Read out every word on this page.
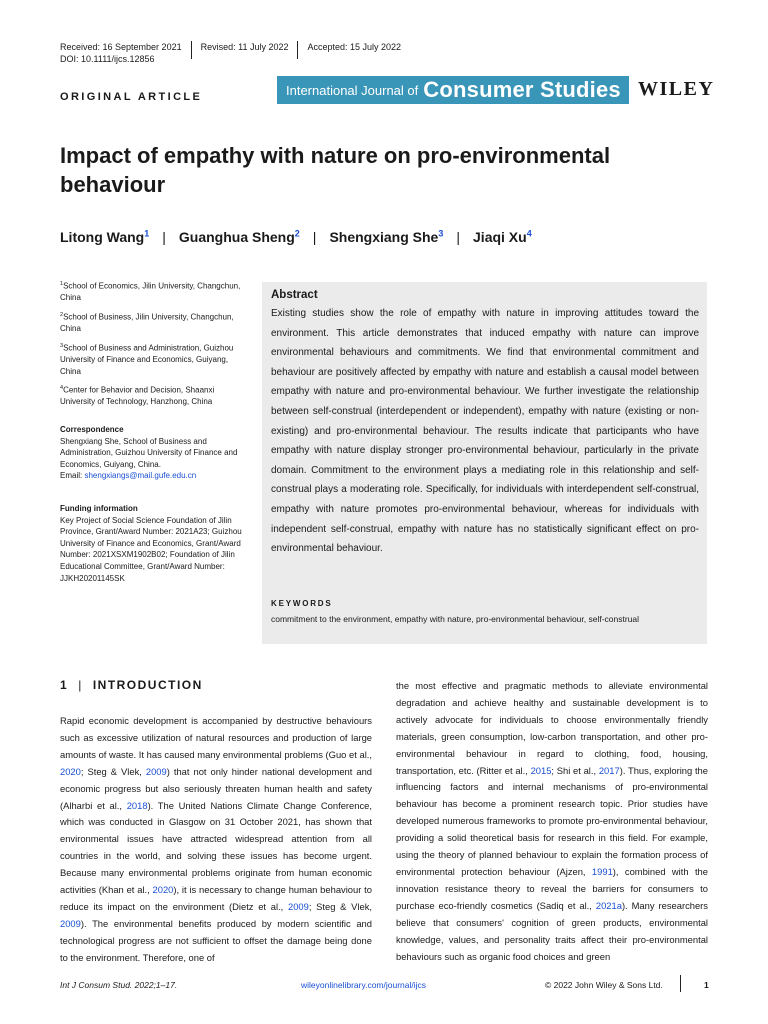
Received: 16 September 2021 Revised: 11 July 2022 Accepted: 15 July 2022
DOI: 10.1111/ijcs.12856
ORIGINAL ARTICLE	International Journal of Consumer Studies WILEY
Impact of empathy with nature on pro-environmental behaviour
Litong Wang$^1$ | Guanghua Sheng$^2$ | Shengxiang She$^3$ | Jiaqi Xu$^4$

$^1$School of Economics, Jilin University, Changchun, China

$^2$School of Business, Jilin University, Changchun, China

$^3$School of Business and Administration, Guizhou University of Finance and Economics, Guiyang, China

$^4$Center for Behavior and Decision, Shaanxi University of Technology, Hanzhong, China

Correspondence
Shengxiang She, School of Business and Administration, Guizhou University of Finance and Economics, Guiyang, China.
Email: shengxiangs@mail.gufe.edu.cn
Funding information
Key Project of Social Science Foundation of Jilin Province, Grant/Award Number: 2021A23; Guizhou University of Finance and Economics, Grant/Award Number: 2021XSXM1902B02; Foundation of Jilin Educational Committee, Grant/Award Number: JJKH20201145SK
Abstract

Existing studies show the role of empathy with nature in improving attitudes toward the environment. This article demonstrates that induced empathy with nature can improve environmental behaviours and commitments. We find that environmental commitment and behaviour are positively affected by empathy with nature and establish a causal model between empathy with nature and pro-environmental behaviour. We further investigate the relationship between self-construal (interdependent or independent), empathy with nature (existing or non-existing) and pro-environmental behaviour. The results indicate that participants who have empathy with nature display stronger pro-environmental behaviour, particularly in the private domain. Commitment to the environment plays a mediating role in this relationship and self-construal plays a moderating role. Specifically, for individuals with interdependent self-construal, empathy with nature promotes pro-environmental behaviour, whereas for individuals with independent self-construal, empathy with nature has no statistically significant effect on pro-environmental behaviour.

KEYWORDS

commitment to the environment, empathy with nature, pro-environmental behaviour, self-construal

1 | INTRODUCTION

Rapid economic development is accompanied by destructive behaviours such as excessive utilization of natural resources and production of large amounts of waste. It has caused many environmental problems (Guo et al., 2020; Steg & Vlek, 2009) that not only hinder national development and economic progress but also seriously threaten human health and safety (Alharbi et al., 2018). The United Nations Climate Change Conference, which was conducted in Glasgow on 31 October 2021, has shown that environmental issues have attracted widespread attention from all countries in the world, and solving these issues has become urgent. Because many environmental problems originate from human economic activities (Khan et al., 2020), it is necessary to change human behaviour to reduce its impact on the environment (Dietz et al., 2009; Steg & Vlek, 2009). The environmental benefits produced by modern scientific and technological progress are not sufficient to offset the damage being done to the environment. Therefore, one of

the most effective and pragmatic methods to alleviate environmental degradation and achieve healthy and sustainable development is to actively advocate for individuals to choose environmentally friendly materials, green consumption, low-carbon transportation, and other pro-environmental behaviour in regard to clothing, food, housing, transportation, etc. (Ritter et al., 2015; Shi et al., 2017). Thus, exploring the influencing factors and internal mechanisms of pro-environmental behaviour has become a prominent research topic. Prior studies have developed numerous frameworks to promote pro-environmental behaviour, providing a solid theoretical basis for research in this field. For example, using the theory of planned behaviour to explain the formation process of environmental protection behaviour (Ajzen, 1991), combined with the innovation resistance theory to reveal the barriers for consumers to purchase eco-friendly cosmetics (Sadiq et al., 2021a). Many researchers believe that consumers' cognition of green products, environmental knowledge, values, and personality traits affect their pro-environmental behaviours such as organic food choices and green

Int J Consum Stud. 2022;1–17.	wileyonlinelibrary.com/journal/ijcs	© 2022 John Wiley & Sons Ltd.	1
